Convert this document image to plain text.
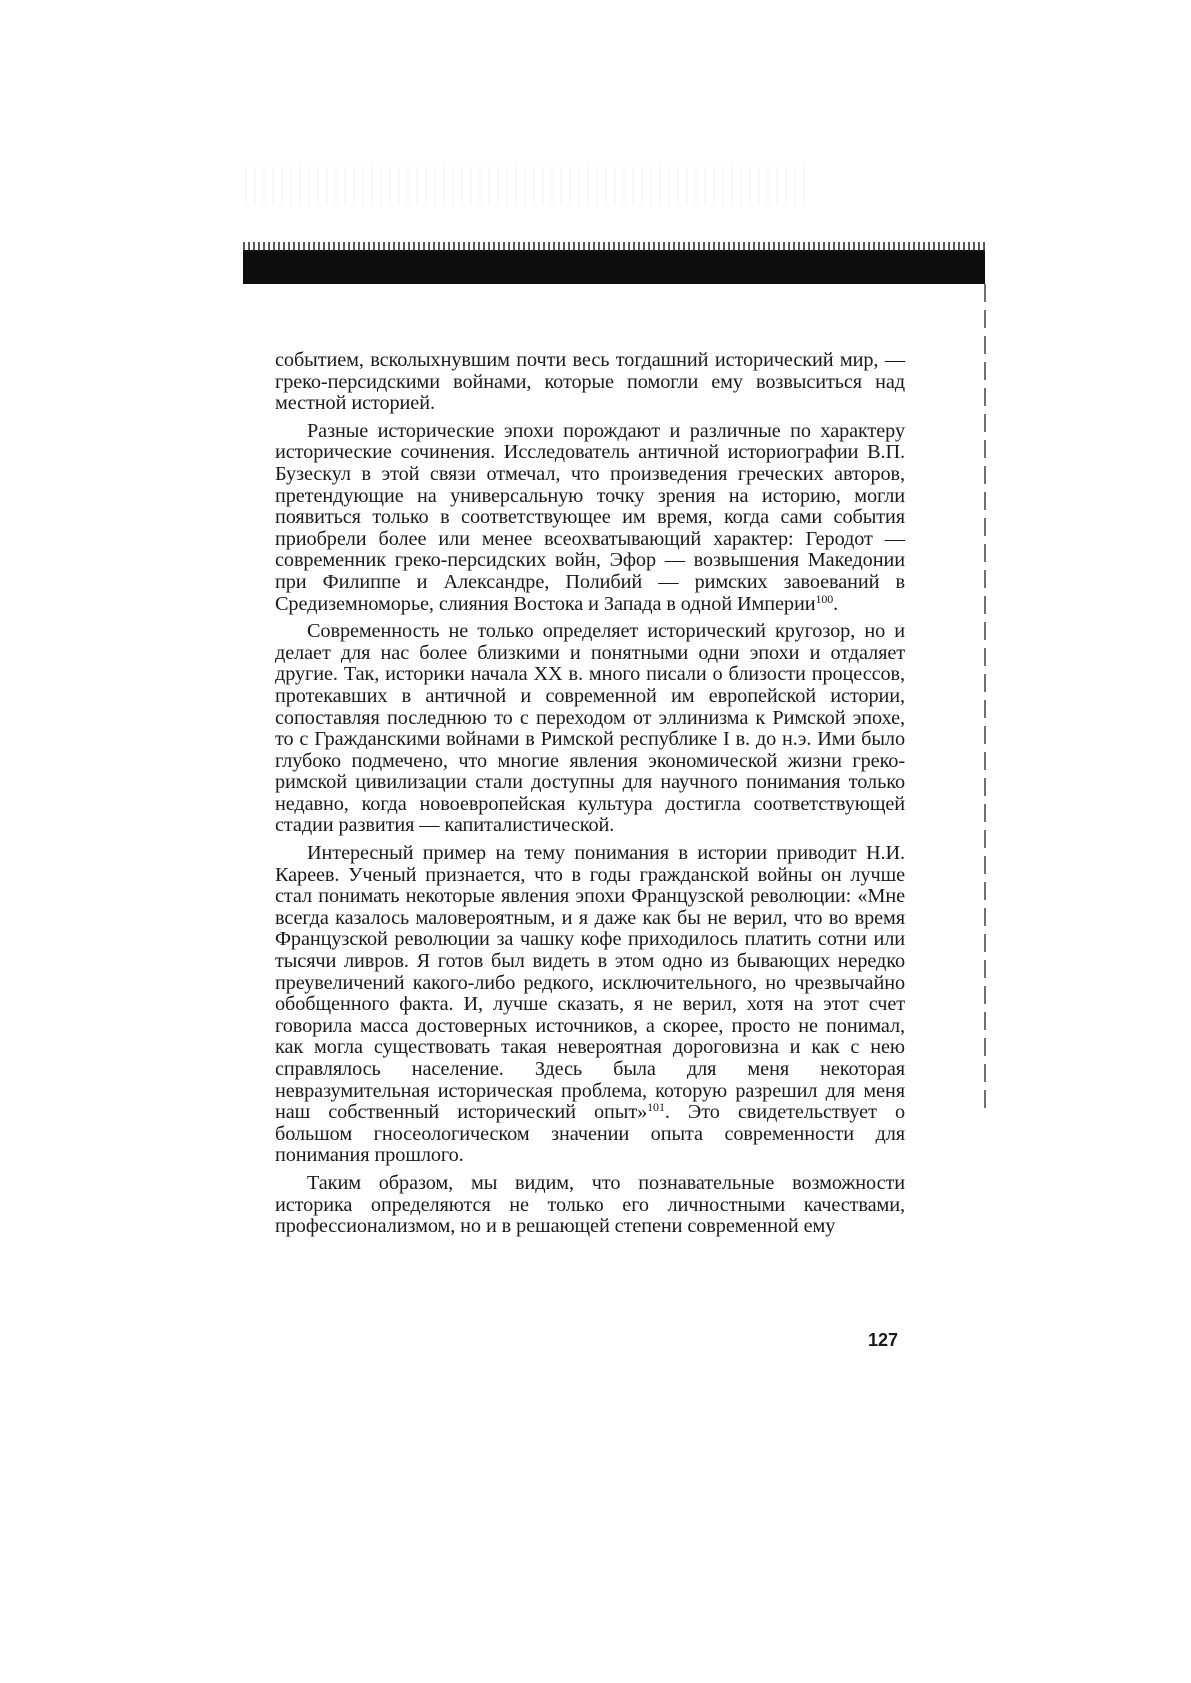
событием, всколыхнувшим почти весь тогдашний исторический мир, — греко-персидскими войнами, которые помогли ему возвыситься над местной историей.

Разные исторические эпохи порождают и различные по характеру исторические сочинения. Исследователь античной историографии В.П. Бузескул в этой связи отмечал, что произведения греческих авторов, претендующие на универсальную точку зрения на историю, могли появиться только в соответствующее им время, когда сами события приобрели более или менее всеохватывающий характер: Геродот — современник греко-персидских войн, Эфор — возвышения Македонии при Филиппе и Александре, Полибий — римских завоеваний в Средиземноморье, слияния Востока и Запада в одной Империи$^{100}$.

Современность не только определяет исторический кругозор, но и делает для нас более близкими и понятными одни эпохи и отдаляет другие. Так, историки начала XX в. много писали о близости процессов, протекавших в античной и современной им европейской истории, сопоставляя последнюю то с переходом от эллинизма к Римской эпохе, то с Гражданскими войнами в Римской республике I в. до н.э. Ими было глубоко подмечено, что многие явления экономической жизни греко-римской цивилизации стали доступны для научного понимания только недавно, когда новоевропейская культура достигла соответствующей стадии развития — капиталистической.

Интересный пример на тему понимания в истории приводит Н.И. Кареев. Ученый признается, что в годы гражданской войны он лучше стал понимать некоторые явления эпохи Французской революции: «Мне всегда казалось маловероятным, и я даже как бы не верил, что во время Французской революции за чашку кофе приходилось платить сотни или тысячи ливров. Я готов был видеть в этом одно из бывающих нередко преувеличений какого-либо редкого, исключительного, но чрезвычайно обобщенного факта. И, лучше сказать, я не верил, хотя на этот счет говорила масса достоверных источников, а скорее, просто не понимал, как могла существовать такая невероятная дороговизна и как с нею справлялось население. Здесь была для меня некоторая невразумительная историческая проблема, которую разрешил для меня наш собственный исторический опыт»$^{101}$. Это свидетельствует о большом гносеологическом значении опыта современности для понимания прошлого.

Таким образом, мы видим, что познавательные возможности историка определяются не только его личностными качествами, профессионализмом, но и в решающей степени современной ему

127
